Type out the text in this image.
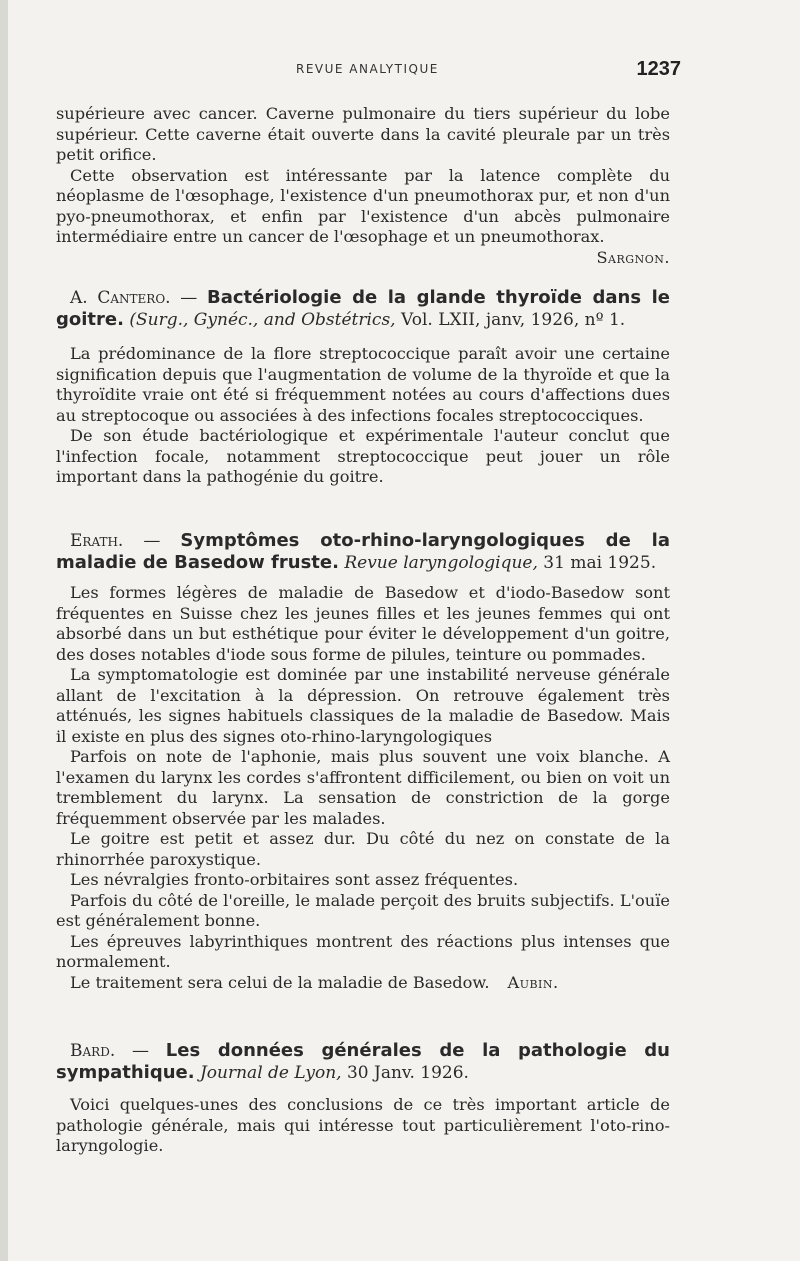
REVUE ANALYTIQUE	1237

supérieure avec cancer. Caverne pulmonaire du tiers supérieur du lobe supérieur. Cette caverne était ouverte dans la cavité pleurale par un très petit orifice.

Cette observation est intéressante par la latence complète du néoplasme de l'œsophage, l'existence d'un pneumothorax pur, et non d'un pyo-pneumothorax, et enfin par l'existence d'un abcès pulmonaire intermédiaire entre un cancer de l'œsophage et un pneumothorax.

Sargnon.

A. Cantero. — Bactériologie de la glande thyroïde dans le goitre. (Surg., Gynéc., and Obstétrics, Vol. LXII, janv, 1926, nº 1.

La prédominance de la flore streptococcique paraît avoir une certaine signification depuis que l'augmentation de volume de la thyroïde et que la thyroïdite vraie ont été si fréquemment notées au cours d'affections dues au streptocoque ou associées à des infections focales streptococciques.

De son étude bactériologique et expérimentale l'auteur conclut que l'infection focale, notamment streptococcique peut jouer un rôle important dans la pathogénie du goitre.

Erath. — Symptômes oto-rhino-laryngologiques de la maladie de Basedow fruste. Revue laryngologique, 31 mai 1925.

Les formes légères de maladie de Basedow et d'iodo-Basedow sont fréquentes en Suisse chez les jeunes filles et les jeunes femmes qui ont absorbé dans un but esthétique pour éviter le développement d'un goitre, des doses notables d'iode sous forme de pilules, teinture ou pommades.

La symptomatologie est dominée par une instabilité nerveuse générale allant de l'excitation à la dépression. On retrouve également très atténués, les signes habituels classiques de la maladie de Basedow. Mais il existe en plus des signes oto-rhino-laryngologiques

Parfois on note de l'aphonie, mais plus souvent une voix blanche. A l'examen du larynx les cordes s'affrontent difficilement, ou bien on voit un tremblement du larynx. La sensation de constriction de la gorge fréquemment observée par les malades.

Le goitre est petit et assez dur. Du côté du nez on constate de la rhinorrhée paroxystique.

Les névralgies fronto-orbitaires sont assez fréquentes.

Parfois du côté de l'oreille, le malade perçoit des bruits subjectifs. L'ouïe est généralement bonne.

Les épreuves labyrinthiques montrent des réactions plus intenses que normalement.

Le traitement sera celui de la maladie de Basedow. Aubin.

Bard. — Les données générales de la pathologie du sympathique. Journal de Lyon, 30 Janv. 1926.

Voici quelques-unes des conclusions de ce très important article de pathologie générale, mais qui intéresse tout particulièrement l'oto-rino-laryngologie.
